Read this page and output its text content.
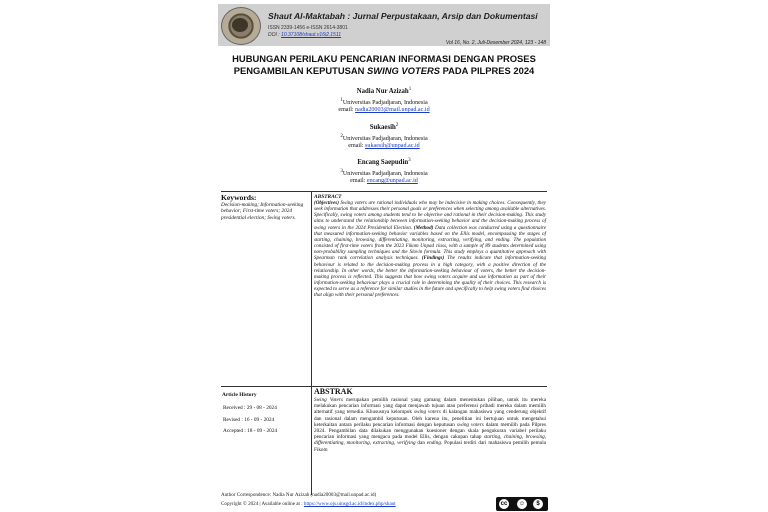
Shaut Al-Maktabah : Jurnal Perpustakaan, Arsip dan Dokumentasi
ISSN 2339-1456 e-ISSN 2614-3801
DOI : 10.37108/shaut.v16i2.1511
Vol 16, No. 2, Juli-Desember 2024, 123 - 148
HUBUNGAN PERILAKU PENCARIAN INFORMASI DENGAN PROSES
PENGAMBILAN KEPUTUSAN SWING VOTERS PADA PILPRES 2024
Nadia Nur Azizah$^1$
$^1$Universitas Padjadjaran, Indonesia
email: nadia20003@mail.unpad.ac.id
Sukaesih$^2$
$^2$Universitas Padjadjaran, Indonesia
email: sukaesih@unpad.ac.id
Encang Saepudin$^3$
$^3$Universitas Padjadjaran, Indonesia
email: encang@unpad.ac.id
Keywords:
Decision-making; Information-seeking behavior; First-time voters; 2024 presidential election; Swing voters.
ABSTRACT
(Objectives) Swing voters are rational individuals who may be indecisive in making choices. Consequently, they seek information that addresses their personal goals or preferences when selecting among available alternatives. Specifically, swing voters among students tend to be objective and rational in their decision-making. This study aims to understand the relationship between information-seeking behavior and the decision-making process of swing voters in the 2024 Presidential Election. (Method) Data collection was conducted using a questionnaire that measured information-seeking behavior variables based on the Ellis model, encompassing the stages of starting, chaining, browsing, differentiating, monitoring, extracting, verifying, and ending. The population consisted of first-time voters from the 2023 Fikom Unpad class, with a sample of 89 students determined using non-probability sampling techniques and the Slovin formula. This study employs a quantitative approach with Spearman rank correlation analysis techniques. (Findings) The results indicate that information-seeking behaviour is related to the decision-making process in a high category, with a positive direction of the relationship. In other words, the better the information-seeking behaviour of voters, the better the decision-making process is reflected. This suggests that how swing voters acquire and use information as part of their information-seeking behaviour plays a crucial role in determining the quality of their choices. This research is expected to serve as a reference for similar studies in the future and specifically to help swing voters find choices that align with their personal preferences.
Article History
Received : 29 - 08 - 2024
Revised : 16 - 09 - 2024
Accepted : 18 - 09 - 2024
ABSTRAK
Swing Voters merupakan pemilih rasional yang gamang dalam menentukan pilihan, untuk itu mereka melakukan pencarian informasi yang dapat menjawab tujuan atau preferensi pribadi mereka dalam memilih alternatif yang tersedia. Khususnya kelompok swing voters di kalangan mahasiswa yang cenderung objektif dan rasional dalam mengambil keputusan. Oleh karena itu, penelitian ini bertujuan untuk mengetahui keterkaitan antara perilaku pencarian informasi dengan keputusan swing voters dalam memilih pada Pilpres 2024. Pengambilan data dilakukan menggunakan kuesioner dengan skala pengukuran variabel perilaku pencarian informasi yang mengacu pada model Ellis, dengan cakupan tahap starting, chaining, browsing, differentiating, monitoring, extracting, verifying dan ending. Populasi terdiri dari mahasiswa pemilih pemula Fikom
Author Correspondence: Nadia Nur Azizah (nadia20003@mail.unpad.ac.id)
Copyright © 2024 | Available online at : https://www.ojs.uinsgd.ac.id/index.php/shaut	cc	☺	$
